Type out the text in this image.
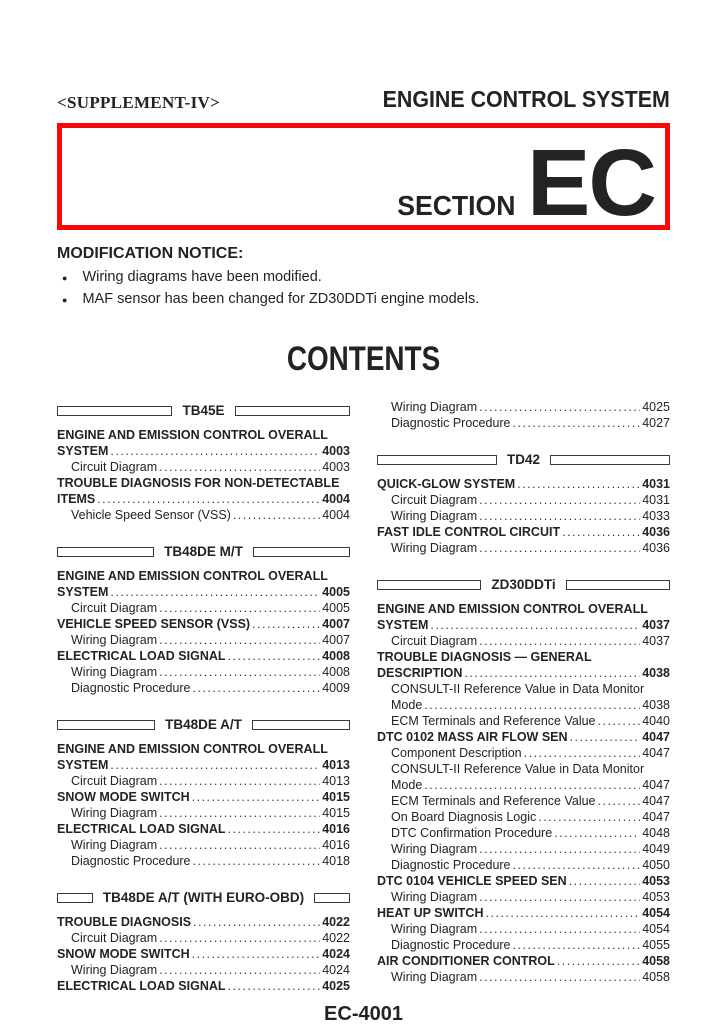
<SUPPLEMENT-IV>	ENGINE CONTROL SYSTEM
SECTION EC
MODIFICATION NOTICE:
● Wiring diagrams have been modified.
● MAF sensor has been changed for ZD30DDTi engine models.
CONTENTS
TB45E
ENGINE AND EMISSION CONTROL OVERALL
SYSTEM .....	4003
Circuit Diagram .....	4003
TROUBLE DIAGNOSIS FOR NON-DETECTABLE
ITEMS .....	4004
Vehicle Speed Sensor (VSS) .....	4004
TB48DE M/T
ENGINE AND EMISSION CONTROL OVERALL
SYSTEM .....	4005
Circuit Diagram .....	4005
VEHICLE SPEED SENSOR (VSS) .....	4007
Wiring Diagram .....	4007
ELECTRICAL LOAD SIGNAL .....	4008
Wiring Diagram .....	4008
Diagnostic Procedure .....	4009
TB48DE A/T
ENGINE AND EMISSION CONTROL OVERALL
SYSTEM .....	4013
Circuit Diagram .....	4013
SNOW MODE SWITCH .....	4015
Wiring Diagram .....	4015
ELECTRICAL LOAD SIGNAL .....	4016
Wiring Diagram .....	4016
Diagnostic Procedure .....	4018
TB48DE A/T (WITH EURO-OBD)
TROUBLE DIAGNOSIS .....	4022
Circuit Diagram .....	4022
SNOW MODE SWITCH .....	4024
Wiring Diagram .....	4024
ELECTRICAL LOAD SIGNAL .....	4025
Wiring Diagram .....	4025
Diagnostic Procedure .....	4027
TD42
QUICK-GLOW SYSTEM .....	4031
Circuit Diagram .....	4031
Wiring Diagram .....	4033
FAST IDLE CONTROL CIRCUIT .....	4036
Wiring Diagram .....	4036
ZD30DDTi
ENGINE AND EMISSION CONTROL OVERALL
SYSTEM .....	4037
Circuit Diagram .....	4037
TROUBLE DIAGNOSIS — GENERAL
DESCRIPTION .....	4038
CONSULT-II Reference Value in Data Monitor
Mode .....	4038
ECM Terminals and Reference Value .....	4040
DTC 0102 MASS AIR FLOW SEN .....	4047
Component Description .....	4047
CONSULT-II Reference Value in Data Monitor
Mode .....	4047
ECM Terminals and Reference Value .....	4047
On Board Diagnosis Logic .....	4047
DTC Confirmation Procedure .....	4048
Wiring Diagram .....	4049
Diagnostic Procedure .....	4050
DTC 0104 VEHICLE SPEED SEN .....	4053
Wiring Diagram .....	4053
HEAT UP SWITCH .....	4054
Wiring Diagram .....	4054
Diagnostic Procedure .....	4055
AIR CONDITIONER CONTROL .....	4058
Wiring Diagram .....	4058
EC-4001
